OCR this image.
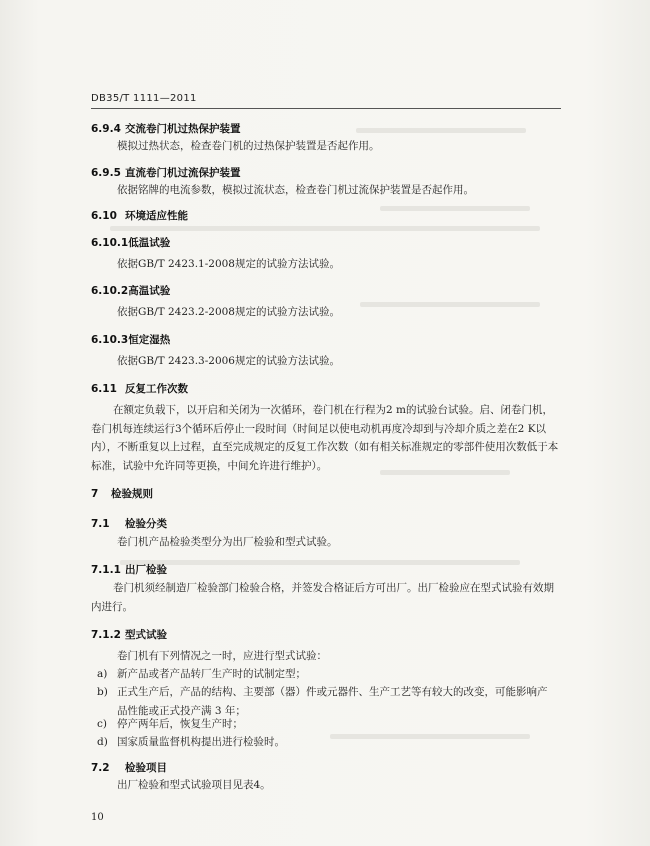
DB35/T 1111—2011
6.9.4 交流卷门机过热保护装置
模拟过热状态，检查卷门机的过热保护装置是否起作用。
6.9.5 直流卷门机过流保护装置
依据铭牌的电流参数，模拟过流状态，检查卷门机过流保护装置是否起作用。
6.10 环境适应性能
6.10.1低温试验
依据GB/T 2423.1-2008规定的试验方法试验。
6.10.2高温试验
依据GB/T 2423.2-2008规定的试验方法试验。
6.10.3恒定湿热
依据GB/T 2423.3-2006规定的试验方法试验。
6.11 反复工作次数
在额定负载下，以开启和关闭为一次循环，卷门机在行程为2 m的试验台试验。启、闭卷门机，卷门机每连续运行3个循环后停止一段时间（时间足以使电动机再度冷却到与冷却介质之差在2 K以内），不断重复以上过程，直至完成规定的反复工作次数（如有相关标准规定的零部件使用次数低于本标准，试验中允许同等更换，中间允许进行维护）。
7 检验规则
7.1 检验分类
卷门机产品检验类型分为出厂检验和型式试验。
7.1.1 出厂检验
卷门机须经制造厂检验部门检验合格，并签发合格证后方可出厂。出厂检验应在型式试验有效期内进行。
7.1.2 型式试验
卷门机有下列情况之一时，应进行型式试验：
a) 新产品或者产品转厂生产时的试制定型；
b) 正式生产后，产品的结构、主要部（器）件或元器件、生产工艺等有较大的改变，可能影响产品性能或正式投产满 3 年；
c) 停产两年后，恢复生产时；
d) 国家质量监督机构提出进行检验时。
7.2 检验项目
出厂检验和型式试验项目见表4。
10
